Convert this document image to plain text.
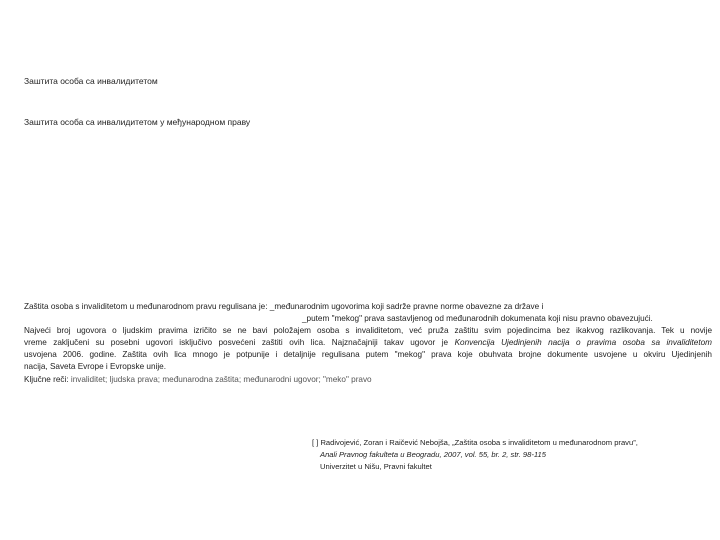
Заштита особа са инвалидитетом
Заштита особа са инвалидитетом у међународном праву
Zaštita osoba s invaliditetom u međunarodnom pravu regulisana je: _međunarodnim ugovorima koji sadrže pravne norme obavezne za države i
_putem "mekog" prava sastavljenog od međunarodnih dokumenata koji nisu pravno obavezujući.
Najveći broj ugovora o ljudskim pravima izričito se ne bavi položajem osoba s invaliditetom, već pruža zaštitu svim pojedincima bez ikakvog razlikovanja. Tek u novije
vreme zaključeni su posebni ugovori isključivo posvećeni zaštiti ovih lica. Najznačajniji takav ugovor je Konvencija Ujedinjenih nacija o pravima osoba sa invaliditetom
usvojena 2006. godine. Zaštita ovih lica mnogo je potpunije i detaljnije regulisana putem "mekog" prava koje obuhvata brojne dokumente usvojene u okviru Ujedinjenih
nacija, Saveta Evrope i Evropske unije.
Ključne reči: invaliditet; ljudska prava; međunarodna zaštita; međunarodni ugovor; "meko" pravo
[ ] Radivojević, Zoran i Raičević Nebojša, „Zaštita osoba s invaliditetom u međunarodnom pravu”,
Anali Pravnog fakulteta u Beogradu, 2007, vol. 55, br. 2, str. 98-115
Univerzitet u Nišu, Pravni fakultet
